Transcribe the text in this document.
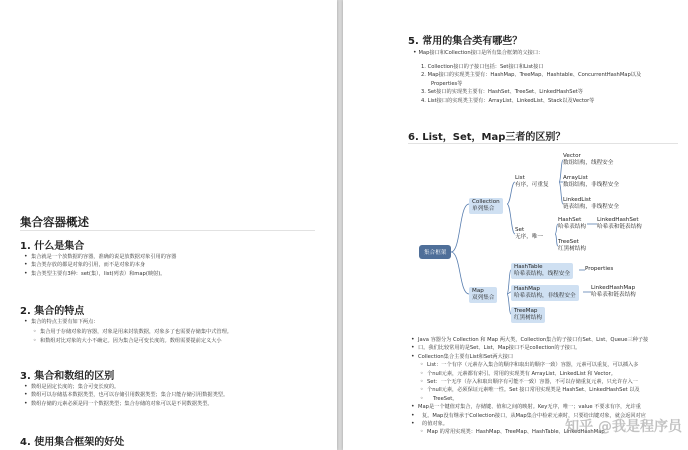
集合容器概述
1. 什么是集合
• 集合就是一个放数据的容器，准确的说是放数据对象引用的容器
• 集合类存放的都是对象的引用，而不是对象的本身
• 集合类型主要有3种：set(集），list(列表）和map(映射)。
2. 集合的特点
• 集合的特点主要有如下两点：
◦ 集合用于存储对象的容器，对象是用来封装数据，对象多了也需要存储集中式管理。
◦ 和数组对比对象的大小不确定。因为集合是可变长度的。数组需要提前定义大小
3. 集合和数组的区别
• 数组是固定长度的；集合可变长度的。
• 数组可以存储基本数据类型，也可以存储引用数据类型；集合只能存储引用数据类型。
• 数组存储的元素必须是同一个数据类型；集合存储的对象可以是不同数据类型。
4. 使用集合框架的好处
5. 常用的集合类有哪些？
• Map接口和Collection接口是所有集合框架的父接口：
1. Collection接口的子接口包括：Set接口和List接口
2. Map接口的实现类主要有：HashMap、TreeMap、Hashtable、ConcurrentHashMap以及
Properties等
3. Set接口的实现类主要有：HashSet、TreeSet、LinkedHashSet等
4. List接口的实现类主要有：ArrayList、LinkedList、Stack以及Vector等
6. List，Set，Map三者的区别？
• Java 容器分为 Collection 和 Map 两大类，Collection集合的子接口有Set、List、Queue三种子接
• 口。我们比较常用的是Set、List，Map接口不是collection的子接口。
• Collection集合主要有List和Set两大接口
◦ List：一个有序（元素存入集合的顺序和取出的顺序一致）容器，元素可以重复，可以插入多
◦ 个null元素，元素都有索引。常用的实现类有 ArrayList、LinkedList 和 Vector。
◦ Set：一个无序（存入和取出顺序有可能不一致）容器，不可以存储重复元素，只允许存入一
◦ 个null元素，必须保证元素唯一性。Set 接口常用实现类是 HashSet、LinkedHashSet 以及
◦ TreeSet。
• Map是一个键值对集合，存储键、值和之间的映射。Key无序，唯一；value 不要求有序，允许重
• 复。Map没有继承于Collection接口，从Map集合中检索元素时，只要给出键对象，就会返回对应
• 的值对象。
◦ Map 的常用实现类：HashMap、TreeMap、HashTable、LinkedHashMap
知乎 @我是程序员
集合框架
Collection
单列集合
List
有序，可重复
Vector
数组结构，线程安全
ArrayList
数组结构，非线程安全
LinkedList
链表结构，非线程安全
Set
无序，唯一
HashSet
哈希表结构
LinkedHashSet
哈希表和链表结构
TreeSet
红黑树结构
Map
双列集合
HashTable
哈希表结构，线程安全
Properties
HashMap
哈希表结构，非线程安全
LinkedHashMap
哈希表和链表结构
TreeMap
红黑树结构
